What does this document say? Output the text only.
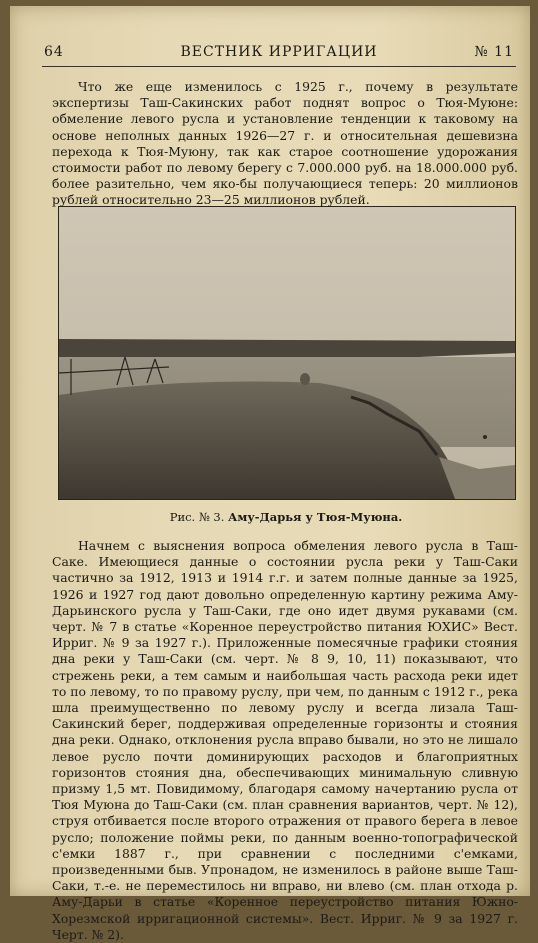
64	ВЕСТНИК ИРРИГАЦИИ	№ 11

Что же еще изменилось с 1925 г., почему в результате экспертизы Таш-Сакинских работ поднят вопрос о Тюя-Муюне: обмеление левого русла и установление тенденции к таковому на основе неполных данных 1926—27 г. и относительная дешевизна перехода к Тюя-Муюну, так как старое соотношение удорожания стоимости работ по левому берегу с 7.000.000 руб. на 18.000.000 руб. более разительно, чем яко-бы получающиеся теперь: 20 миллионов рублей относительно 23—25 миллионов рублей.

Рис. № 3. Аму-Дарья у Тюя-Муюна.

Начнем с выяснения вопроса обмеления левого русла в Таш-Саке. Имеющиеся данные о состоянии русла реки у Таш-Саки частично за 1912, 1913 и 1914 г.г. и затем полные данные за 1925, 1926 и 1927 год дают довольно определенную картину режима Аму-Дарьинского русла у Таш-Саки, где оно идет двумя рукавами (см. черт. № 7 в статье «Коренное переустройство питания ЮХИС» Вест. Ирриг. № 9 за 1927 г.). Приложенные помесячные графики стояния дна реки у Таш-Саки (см. черт. № 8 9, 10, 11) показывают, что стрежень реки, а тем самым и наибольшая часть расхода реки идет то по левому, то по правому руслу, при чем, по данным с 1912 г., река шла преимущественно по левому руслу и всегда лизала Таш-Сакинский берег, поддерживая определенные горизонты и стояния дна реки. Однако, отклонения русла вправо бывали, но это не лишало левое русло почти доминирующих расходов и благоприятных горизонтов стояния дна, обеспечивающих минимальную сливную призму 1,5 мт. Повидимому, благодаря самому начертанию русла от Тюя Муюна до Таш-Саки (см. план сравнения вариантов, черт. № 12), струя отбивается после второго отражения от правого берега в левое русло; положение поймы реки, по данным военно-топографической с'емки 1887 г., при сравнении с последними с'емками, произведенными быв. Упронадом, не изменилось в районе выше Таш-Саки, т.-е. не переместилось ни вправо, ни влево (см. план отхода р. Аму-Дарьи в статье «Коренное переустройство питания Южно-Хорезмской ирригационной системы». Вест. Ирриг. № 9 за 1927 г. Черт. № 2).
